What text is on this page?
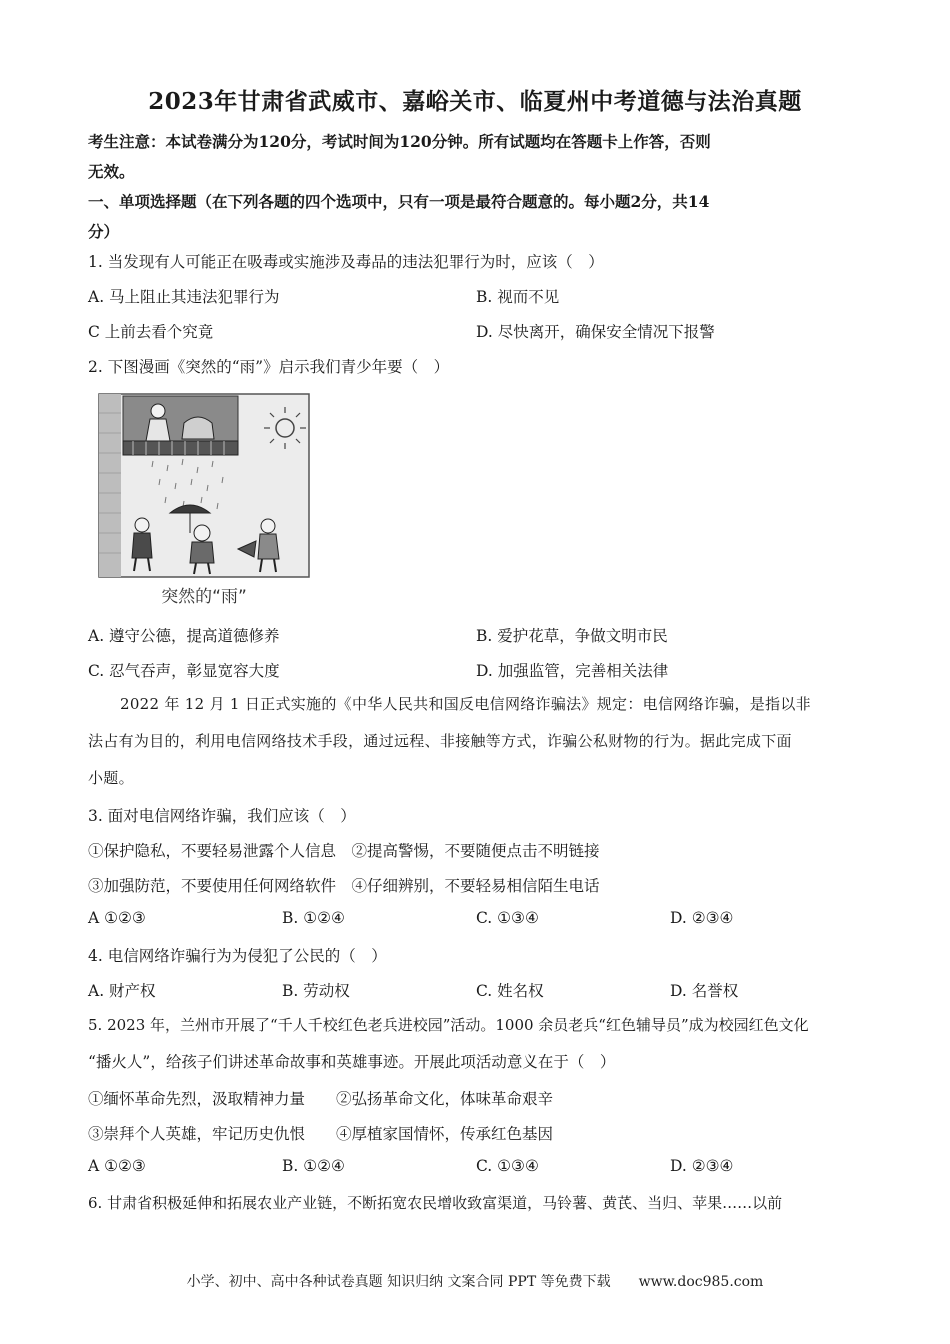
2023年甘肃省武威市、嘉峪关市、临夏州中考道德与法治真题
考生注意：本试卷满分为120分，考试时间为120分钟。所有试题均在答题卡上作答，否则
无效。
一、单项选择题（在下列各题的四个选项中，只有一项是最符合题意的。每小题2分，共14
分）
1. 当发现有人可能正在吸毒或实施涉及毒品的违法犯罪行为时，应该（　）
A. 马上阻止其违法犯罪行为	B. 视而不见
C 上前去看个究竟	D. 尽快离开，确保安全情况下报警
2. 下图漫画《突然的“雨”》启示我们青少年要（　）
突然的“雨”
A. 遵守公德，提高道德修养	B. 爱护花草，争做文明市民
C. 忍气吞声，彰显宽容大度	D. 加强监管，完善相关法律
2022 年 12 月 1 日正式实施的《中华人民共和国反电信网络诈骗法》规定：电信网络诈骗，是指以非
法占有为目的，利用电信网络技术手段，通过远程、非接触等方式，诈骗公私财物的行为。据此完成下面
小题。
3. 面对电信网络诈骗，我们应该（　）
①保护隐私，不要轻易泄露个人信息　②提高警惕，不要随便点击不明链接
③加强防范，不要使用任何网络软件　④仔细辨别，不要轻易相信陌生电话
A ①②③	B. ①②④	C. ①③④	D. ②③④
4. 电信网络诈骗行为为侵犯了公民的（　）
A. 财产权	B. 劳动权	C. 姓名权	D. 名誉权
5. 2023 年，兰州市开展了“千人千校红色老兵进校园”活动。1000 余员老兵“红色辅导员”成为校园红色文化
“播火人”，给孩子们讲述革命故事和英雄事迹。开展此项活动意义在于（　）
①缅怀革命先烈，汲取精神力量　　②弘扬革命文化，体味革命艰辛
③崇拜个人英雄，牢记历史仇恨　　④厚植家国情怀，传承红色基因
A ①②③	B. ①②④	C. ①③④	D. ②③④
6. 甘肃省积极延伸和拓展农业产业链，不断拓宽农民增收致富渠道，马铃薯、黄芪、当归、苹果……以前
小学、初中、高中各种试卷真题 知识归纳 文案合同 PPT 等免费下载　　www.doc985.com
